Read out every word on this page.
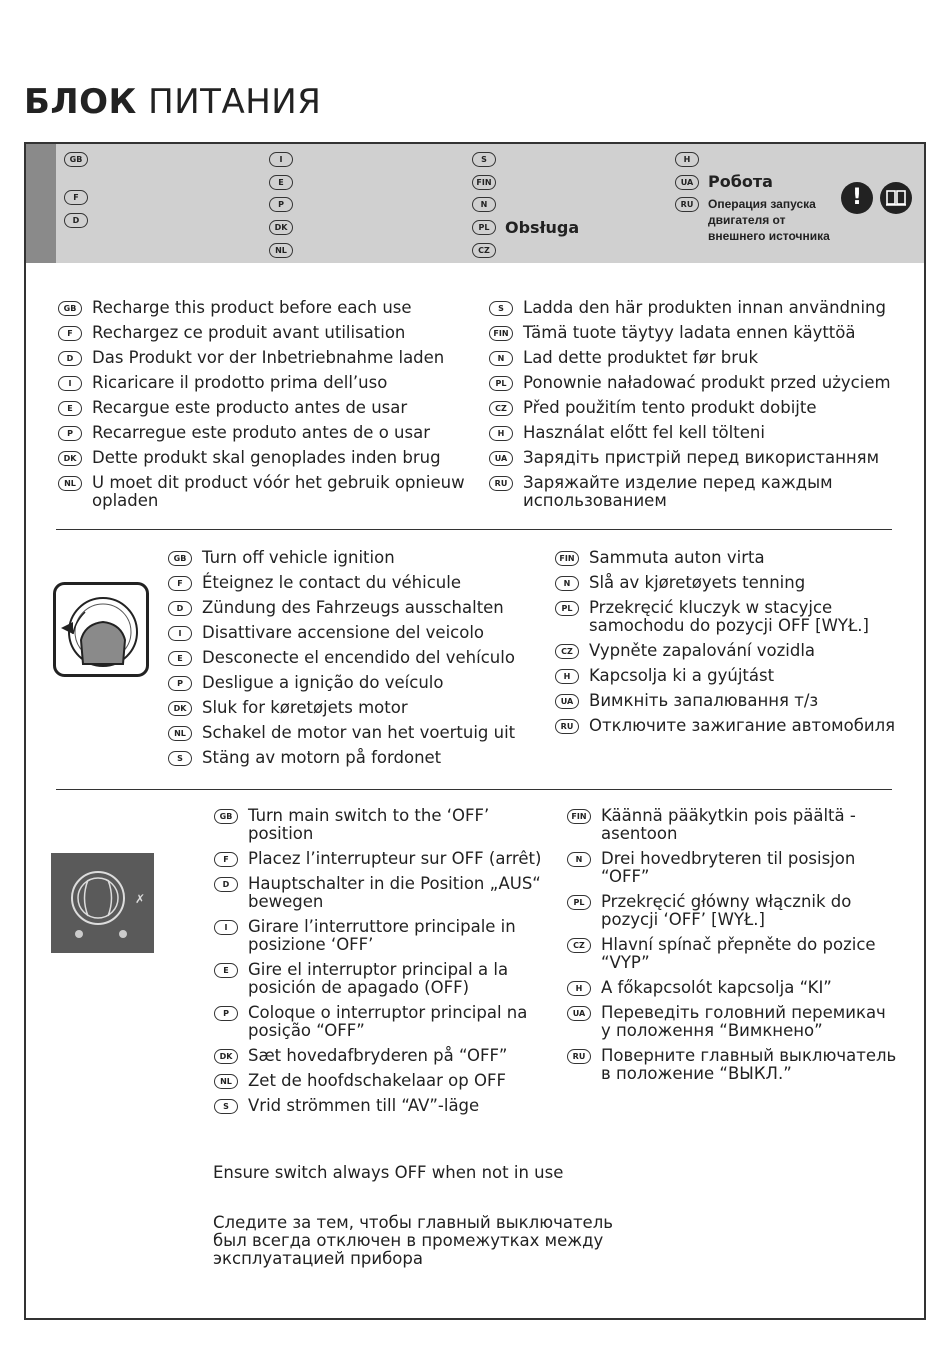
БЛОК ПИТАНИЯ
GB
F
D
I
E
P
DK
NL
S
FIN
N
PL Obsługa
CZ
H
UA Робота
RU	Операция запуска
двигателя от
внешнего источника
!
GB Recharge this product before each use
F	Rechargez ce produit avant utilisation
D	Das Produkt vor der Inbetriebnahme laden
I	Ricaricare il prodotto prima dell’uso
E	Recargue este producto antes de usar
P	Recarregue este produto antes de o usar
DK Dette produkt skal genoplades inden brug
NL U moet dit product vóór het gebruik opnieuw opladen
S	Ladda den här produkten innan användning
FIN Tämä tuote täytyy ladata ennen käyttöä
N	Lad dette produktet før bruk
PL	Ponownie naładować produkt przed użyciem
CZ Před použitím tento produkt dobijte
H	Használat előtt fel kell tölteni
UA Зарядіть пристрій перед використанням
RU Заряжайте изделие перед каждым использованием
GB Turn off vehicle ignition
F	Éteignez le contact du véhicule
D	Zündung des Fahrzeugs ausschalten
I	Disattivare accensione del veicolo
E	Desconecte el encendido del vehículo
P	Desligue a ignição do veículo
DK Sluk for køretøjets motor
NL Schakel de motor van het voertuig uit
S	Stäng av motorn på fordonet
FIN Sammuta auton virta
N	Slå av kjøretøyets tenning
PL	Przekręcić kluczyk w stacyjce samochodu do pozycji OFF [WYŁ.]
CZ Vypněte zapalování vozidla
H	Kapcsolja ki a gyújtást
UA Вимкніть запалювання т/з
RU Отключите зажигание автомобиля
✗
GB Turn main switch to the ‘OFF’ position
F	Placez l’interrupteur sur OFF (arrêt)
D	Hauptschalter in die Position „AUS“ bewegen
I	Girare l’interruttore principale in posizione ‘OFF’
E	Gire el interruptor principal a la posición de apagado (OFF)
P	Coloque o interruptor principal na posição “OFF”
DK Sæt hovedafbryderen på “OFF”
NL Zet de hoofdschakelaar op OFF
S	Vrid strömmen till “AV”-läge
FIN Käännä pääkytkin pois päältä -asentoon
N	Drei hovedbryteren til posisjon “OFF”
PL	Przekręcić główny włącznik do pozycji ‘OFF’ [WYŁ.]
CZ Hlavní spínač přepněte do pozice “VYP”
H	A főkapcsolót kapcsolja “KI”
UA Переведіть головний перемикач у положення “Вимкнено”
RU Поверните главный выключатель в положение “ВЫКЛ.”
Ensure switch always OFF when not in use
Следите за тем, чтобы главный выключатель был всегда отключен в промежутках между эксплуатацией прибора
